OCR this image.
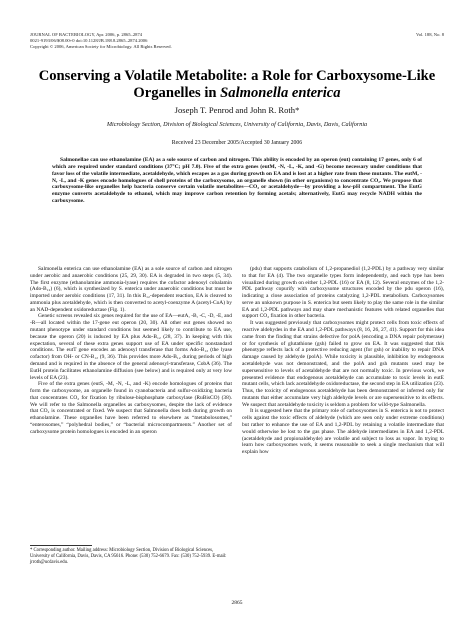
JOURNAL OF BACTERIOLOGY, Apr. 2006, p. 2865–2874
0021-9193/06/$08.00+0 doi:10.1128/JB.188.8.2865–2874.2006
Copyright © 2006, American Society for Microbiology. All Rights Reserved.
Vol. 188, No. 8
Conserving a Volatile Metabolite: a Role for Carboxysome-Like
Organelles in Salmonella enterica
Joseph T. Penrod and John R. Roth*
Microbiology Section, Division of Biological Sciences, University of California, Davis, Davis, California
Received 23 December 2005/Accepted 30 January 2006
Salmonellae can use ethanolamine (EA) as a sole source of carbon and nitrogen. This ability is encoded by an operon (eut) containing 17 genes, only 6 of which are required under standard conditions (37°C; pH 7.0). Five of the extra genes (eutM, -N, -L, -K, and -G) become necessary under conditions that favor loss of the volatile intermediate, acetaldehyde, which escapes as a gas during growth on EA and is lost at a higher rate from these mutants. The eutM, -N, -L, and -K genes encode homologues of shell proteins of the carboxysome, an organelle shown (in other organisms) to concentrate CO₂. We propose that carboxysome-like organelles help bacteria conserve certain volatile metabolites—CO₂ or acetaldehyde—by providing a low-pH compartment. The EutG enzyme converts acetaldehyde to ethanol, which may improve carbon retention by forming acetals; alternatively, EutG may recycle NADH within the carboxysome.

Salmonella enterica can use ethanolamine (EA) as a sole source of carbon and nitrogen under aerobic and anaerobic conditions (25, 29, 30). EA is degraded in two steps (5, 34). The first enzyme (ethanolamine ammonia-lyase) requires the cofactor adenosyl cobalamin (Ado-B₁₂) (6), which is synthesized by S. enterica under anaerobic conditions but must be imported under aerobic conditions (17, 31). In this B₁₂-dependent reaction, EA is cleaved to ammonia plus acetaldehyde, which is then converted to acetyl-coenzyme A (acetyl-CoA) by an NAD-dependent oxidoreductase (Fig. 1).

Genetic screens revealed six genes required for the use of EA—eutA, -B, -C, -D, -E, and -R—all located within the 17-gene eut operon (20, 30). All other eut genes showed no mutant phenotype under standard conditions but seemed likely to contribute to EA use, because the operon (20) is induced by EA plus Ado-B₁₂ (28, 37). In keeping with this expectation, several of these extra genes support use of EA under specific nonstandard conditions. The eutT gene encodes an adenosyl transferase that forms Ado-B₁₂ (the lyase cofactor) from OH- or CN-B₁₂ (9, 36). This provides more Ado-B₁₂ during periods of high demand and is required in the absence of the general adenosyl-transferase, CobA (36). The EutH protein facilitates ethanolamine diffusion (see below) and is required only at very low levels of EA (23).

Five of the extra genes (eutS, -M, -N, -L, and -K) encode homologues of proteins that form the carboxysome, an organelle found in cyanobacteria and sulfur-oxidizing bacteria that concentrates CO₂ for fixation by ribulose-bisphosphate carboxylase (RuBisCO) (38). We will refer to the Salmonella organelles as carboxysomes, despite the lack of evidence that CO₂ is concentrated or fixed. We suspect that Salmonella does both during growth on ethanolamine. These organelles have been referred to elsewhere as “metabolosomes,” “enterosomes,” “polyhedral bodies,” or “bacterial microcompartments.” Another set of carboxysome protein homologues is encoded in an operon

(pdu) that supports catabolism of 1,2-propanediol (1,2-PDL) by a pathway very similar to that for EA (4). The two organelle types form independently, and each type has been visualized during growth on either 1,2-PDL (16) or EA (8, 12). Several enzymes of the 1,2-PDL pathway copurify with carboxysome structures encoded by the pdu operon (16), indicating a close association of proteins catalyzing 1,2-PDL metabolism. Carboxysomes serve an unknown purpose in S. enterica but seem likely to play the same role in the similar EA and 1,2-PDL pathways and may share mechanistic features with related organelles that support CO₂ fixation in other bacteria.

It was suggested previously that carboxysomes might protect cells from toxic effects of reactive aldehydes in the EA and 1,2-PDL pathways (8, 16, 26, 27, 41). Support for this idea came from the finding that strains defective for polA (encoding a DNA repair polymerase) or for synthesis of glutathione (gsh) failed to grow on EA. It was suggested that this phenotype reflects lack of a protective reducing agent (for gsh) or inability to repair DNA damage caused by aldehyde (polA). While toxicity is plausible, inhibition by endogenous acetaldehyde was not demonstrated, and the polA and gsh mutants used may be supersensitive to levels of acetaldehyde that are not normally toxic. In previous work, we presented evidence that endogenous acetaldehyde can accumulate to toxic levels in eutE mutant cells, which lack acetaldehyde oxidoreductase, the second step in EA utilization (23). Thus, the toxicity of endogenous acetaldehyde has been demonstrated or inferred only for mutants that either accumulate very high aldehyde levels or are supersensitive to its effects. We suspect that acetaldehyde toxicity is seldom a problem for wild-type Salmonella.

It is suggested here that the primary role of carboxysomes in S. enterica is not to protect cells against the toxic effects of aldehyde (which are seen only under extreme conditions) but rather to enhance the use of EA and 1,2-PDL by retaining a volatile intermediate that would otherwise be lost to the gas phase. The aldehyde intermediates in EA and 1,2-PDL (acetaldehyde and propionaldehyde) are volatile and subject to loss as vapor. In trying to learn how carboxysomes work, it seems reasonable to seek a single mechanism that will explain how

* Corresponding author. Mailing address: Microbiology Section, Division of Biological Sciences, University of California, Davis, Davis, CA 95616. Phone: (530) 752-6679. Fax: (530) 752-5939. E-mail: jrroth@ucdavis.edu.
2865
